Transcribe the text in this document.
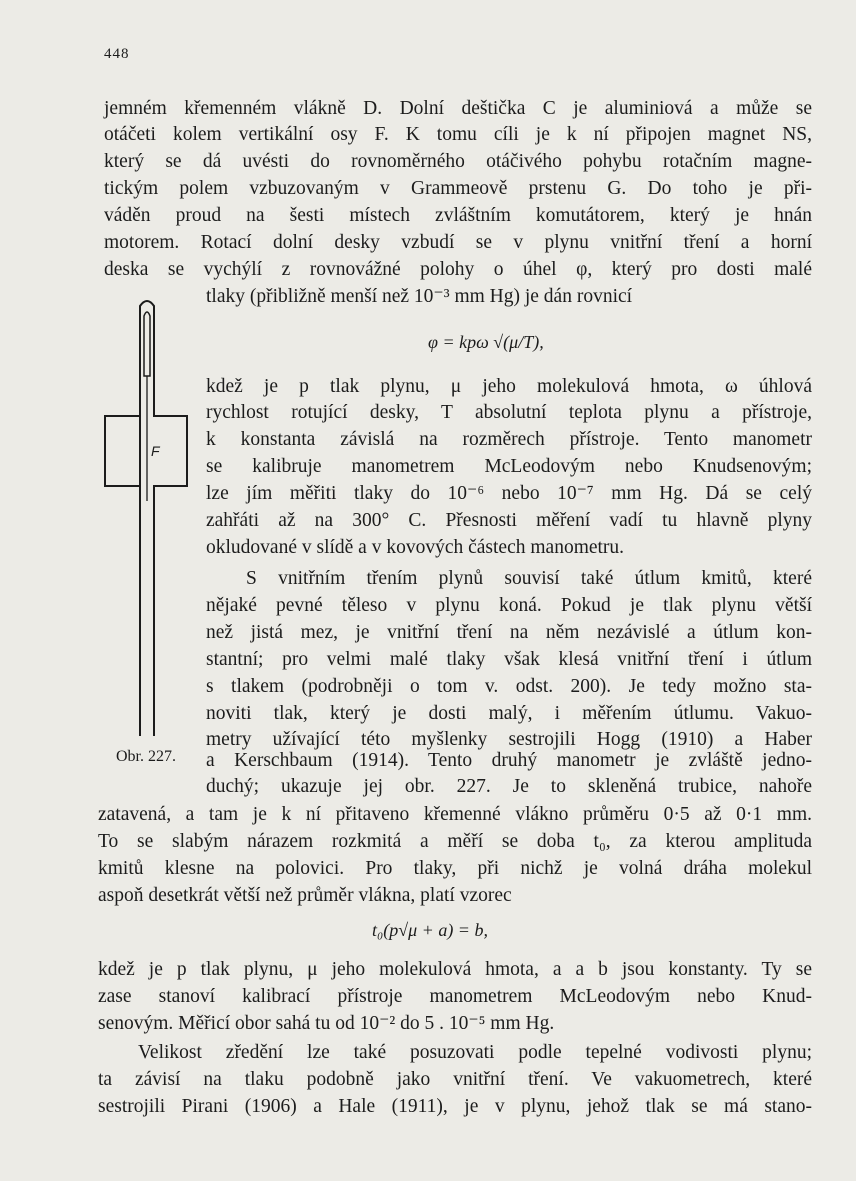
448
jemném křemenném vlákně D. Dolní deštička C je aluminiová a může se
otáčeti kolem vertikální osy F. K tomu cíli je k ní připojen magnet NS,
který se dá uvésti do rovnoměrného otáčivého pohybu rotačním magne-
tickým polem vzbuzovaným v Grammeově prstenu G. Do toho je při-
váděn proud na šesti místech zvláštním komutátorem, který je hnán
motorem. Rotací dolní desky vzbudí se v plynu vnitřní tření a horní
deska se vychýlí z rovnovážné polohy o úhel φ, který pro dosti malé
tlaky (přibližně menší než 10⁻³ mm Hg) je dán rovnicí
φ = kpω √(μ/T),
F
Obr. 227.
kdež je p tlak plynu, μ jeho molekulová hmota, ω úhlová
rychlost rotující desky, T absolutní teplota plynu a přístroje,
k konstanta závislá na rozměrech přístroje. Tento manometr
se kalibruje manometrem McLeodovým nebo Knudsenovým;
lze jím měřiti tlaky do 10⁻⁶ nebo 10⁻⁷ mm Hg. Dá se celý
zahřáti až na 300° C. Přesnosti měření vadí tu hlavně plyny
okludované v slídě a v kovových částech manometru.
S vnitřním třením plynů souvisí také útlum kmitů, které
nějaké pevné těleso v plynu koná. Pokud je tlak plynu větší
než jistá mez, je vnitřní tření na něm nezávislé a útlum kon-
stantní; pro velmi malé tlaky však klesá vnitřní tření i útlum
s tlakem (podrobněji o tom v. odst. 200). Je tedy možno sta-
noviti tlak, který je dosti malý, i měřením útlumu. Vakuo-
metry užívající této myšlenky sestrojili Hogg (1910) a Haber
a Kerschbaum (1914). Tento druhý manometr je zvláště jedno-
duchý; ukazuje jej obr. 227. Je to skleněná trubice, nahoře
zatavená, a tam je k ní přitaveno křemenné vlákno průměru 0·5 až 0·1 mm.
To se slabým nárazem rozkmitá a měří se doba t₀, za kterou amplituda
kmitů klesne na polovici. Pro tlaky, při nichž je volná dráha molekul
aspoň desetkrát větší než průměr vlákna, platí vzorec
t₀(p√μ + a) = b,
kdež je p tlak plynu, μ jeho molekulová hmota, a a b jsou konstanty. Ty se
zase stanoví kalibrací přístroje manometrem McLeodovým nebo Knud-
senovým. Měřicí obor sahá tu od 10⁻² do 5 . 10⁻⁵ mm Hg.
Velikost zředění lze také posuzovati podle tepelné vodivosti plynu;
ta závisí na tlaku podobně jako vnitřní tření. Ve vakuometrech, které
sestrojili Pirani (1906) a Hale (1911), je v plynu, jehož tlak se má stano-
